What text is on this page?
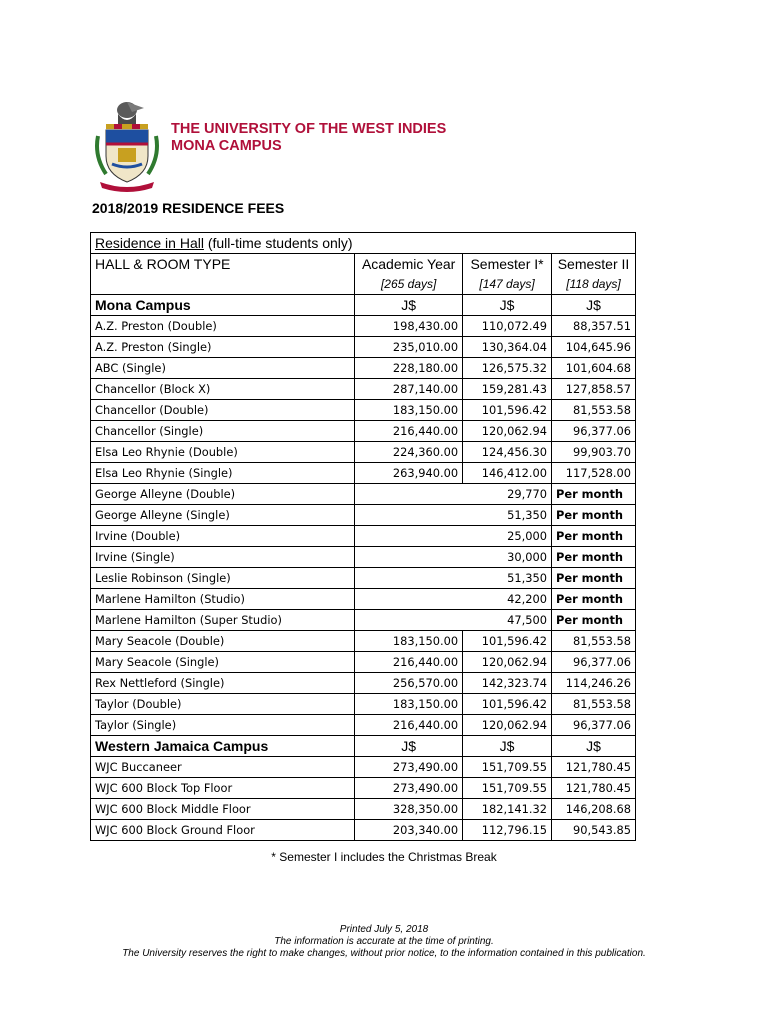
THE UNIVERSITY OF THE WEST INDIES
MONA CAMPUS
2018/2019 RESIDENCE FEES
Residence in Hall (full-time students only)			
HALL & ROOM TYPE	Academic Year	Semester I*	Semester II
	[265 days]	[147 days]	[118 days]
Mona Campus	J$	J$	J$
A.Z. Preston (Double)	198,430.00	110,072.49	88,357.51
A.Z. Preston (Single)	235,010.00	130,364.04	104,645.96
ABC (Single)	228,180.00	126,575.32	101,604.68
Chancellor (Block X)	287,140.00	159,281.43	127,858.57
Chancellor (Double)	183,150.00	101,596.42	81,553.58
Chancellor (Single)	216,440.00	120,062.94	96,377.06
Elsa Leo Rhynie (Double)	224,360.00	124,456.30	99,903.70
Elsa Leo Rhynie (Single)	263,940.00	146,412.00	117,528.00
George Alleyne (Double)	29,770		Per month
George Alleyne (Single)	51,350		Per month
Irvine (Double)	25,000		Per month
Irvine (Single)	30,000		Per month
Leslie Robinson (Single)	51,350		Per month
Marlene Hamilton (Studio)	42,200		Per month
Marlene Hamilton (Super Studio)	47,500		Per month
Mary Seacole (Double)	183,150.00	101,596.42	81,553.58
Mary Seacole (Single)	216,440.00	120,062.94	96,377.06
Rex Nettleford (Single)	256,570.00	142,323.74	114,246.26
Taylor (Double)	183,150.00	101,596.42	81,553.58
Taylor (Single)	216,440.00	120,062.94	96,377.06
Western Jamaica Campus	J$	J$	J$
WJC Buccaneer	273,490.00	151,709.55	121,780.45
WJC 600 Block Top Floor	273,490.00	151,709.55	121,780.45
WJC 600 Block Middle Floor	328,350.00	182,141.32	146,208.68
WJC 600 Block Ground Floor	203,340.00	112,796.15	90,543.85
* Semester I includes the Christmas Break
Printed July 5, 2018
The information is accurate at the time of printing.
The University reserves the right to make changes, without prior notice, to the information contained in this publication.
